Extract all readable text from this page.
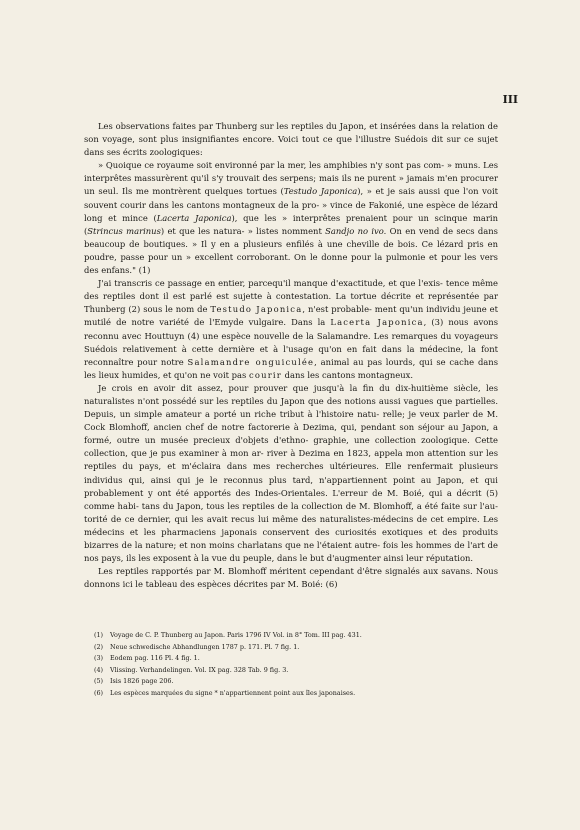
III

Les observations faites par Thunberg sur les reptiles du Japon, et insérées dans la relation de son voyage, sont plus insignifiantes encore. Voici tout ce que l'illustre Suédois dit sur ce sujet dans ses écrits zoologiques:

» Quoique ce royaume soit environné par la mer, les amphibies n'y sont pas com- » muns. Les interprêtes massurèrent qu'il s'y trouvait des serpens; mais ils ne purent » jamais m'en procurer un seul. Ils me montrèrent quelques tortues (Testudo Japonica), » et je sais aussi que l'on voit souvent courir dans les cantons montagneux de la pro- » vince de Fakonié, une espèce de lézard long et mince (Lacerta Japonica), que les » interprêtes prenaient pour un scinque marin (Strincus marinus) et que les natura- » listes nomment Sandjo no ivo. On en vend de secs dans beaucoup de boutiques. » Il y en a plusieurs enfilés à une cheville de bois. Ce lézard pris en poudre, passe pour un » excellent corroborant. On le donne pour la pulmonie et pour les vers des enfans." (1)

J'ai transcris ce passage en entier, parcequ'il manque d'exactitude, et que l'exis- tence même des reptiles dont il est parlé est sujette à contestation. La tortue décrite et représentée par Thunberg (2) sous le nom de Testudo Japonica, n'est probable- ment qu'un individu jeune et mutilé de notre variété de l'Emyde vulgaire. Dans la Lacerta Japonica, (3) nous avons reconnu avec Houttuyn (4) une espèce nouvelle de la Salamandre. Les remarques du voyageurs Suédois relativement à cette dernière et à l'usage qu'on en fait dans la médecine, la font reconnaître pour notre Salamandre onguiculée, animal au pas lourds, qui se cache dans les lieux humides, et qu'on ne voit pas courir dans les cantons montagneux.

Je crois en avoir dit assez, pour prouver que jusqu'à la fin du dix-huitième siècle, les naturalistes n'ont possédé sur les reptiles du Japon que des notions aussi vagues que partielles. Depuis, un simple amateur a porté un riche tribut à l'histoire natu- relle; je veux parler de M. Cock Blomhoff, ancien chef de notre factorerie à Dezima, qui, pendant son séjour au Japon, a formé, outre un musée precieux d'objets d'ethno- graphie, une collection zoologique. Cette collection, que je pus examiner à mon ar- river à Dezima en 1823, appela mon attention sur les reptiles du pays, et m'éclaira dans mes recherches ultérieures. Elle renfermait plusieurs individus qui, ainsi qui je le reconnus plus tard, n'appartiennent point au Japon, et qui probablement y ont été apportés des Indes-Orientales. L'erreur de M. Boié, qui a décrit (5) comme habi- tans du Japon, tous les reptiles de la collection de M. Blomhoff, a été faite sur l'au- torité de ce dernier, qui les avait recus lui même des naturalistes-médecins de cet empire. Les médecins et les pharmaciens japonais conservent des curiosités exotiques et des produits bizarres de la nature; et non moins charlatans que ne l'étaient autre- fois les hommes de l'art de nos pays, ils les exposent à la vue du peuple, dans le but d'augmenter ainsi leur réputation.

Les reptiles rapportés par M. Blomhoff méritent cependant d'être signalés aux savans. Nous donnons ici le tableau des espèces décrites par M. Boié: (6)

(1) Voyage de C. P. Thunberg au Japon. Paris 1796 IV Vol. in 8° Tom. III pag. 431.
(2) Neue schwedische Abhandlungen 1787 p. 171. Pl. 7 fig. 1.
(3) Eodem pag. 116 Pl. 4 fig. 1.
(4) Vlissing. Verhandelingen. Vol. IX pag. 328 Tab. 9 fig. 3.
(5) Isis 1826 page 206.
(6) Les espèces marquées du signe * n'appartiennent point aux îles japonaises.
